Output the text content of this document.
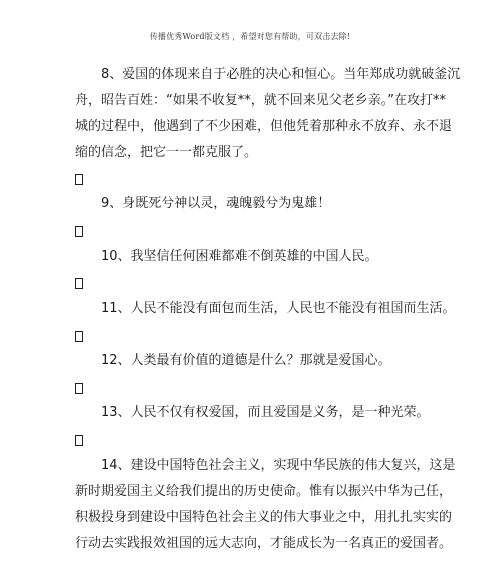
传播优秀Word版文档 ，希望对您有帮助，可双击去除!
8、爱国的体现来自于必胜的决心和恒心。当年郑成功就破釜沉
舟，昭告百姓：“如果不收复**，就不回来见父老乡亲。”在攻打**
城的过程中，他遇到了不少困难，但他凭着那种永不放弃、永不退
缩的信念，把它一一都克服了。
9、身既死兮神以灵，魂魄毅兮为鬼雄！
10、我坚信任何困难都难不倒英雄的中国人民。
11、人民不能没有面包而生活，人民也不能没有祖国而生活。
12、人类最有价值的道德是什么？那就是爱国心。
13、人民不仅有权爱国，而且爱国是义务，是一种光荣。
14、建设中国特色社会主义，实现中华民族的伟大复兴，这是
新时期爱国主义给我们提出的历史使命。惟有以振兴中华为己任，
积极投身到建设中国特色社会主义的伟大事业之中，用扎扎实实的
行动去实践报效祖国的远大志向，才能成长为一名真正的爱国者。
